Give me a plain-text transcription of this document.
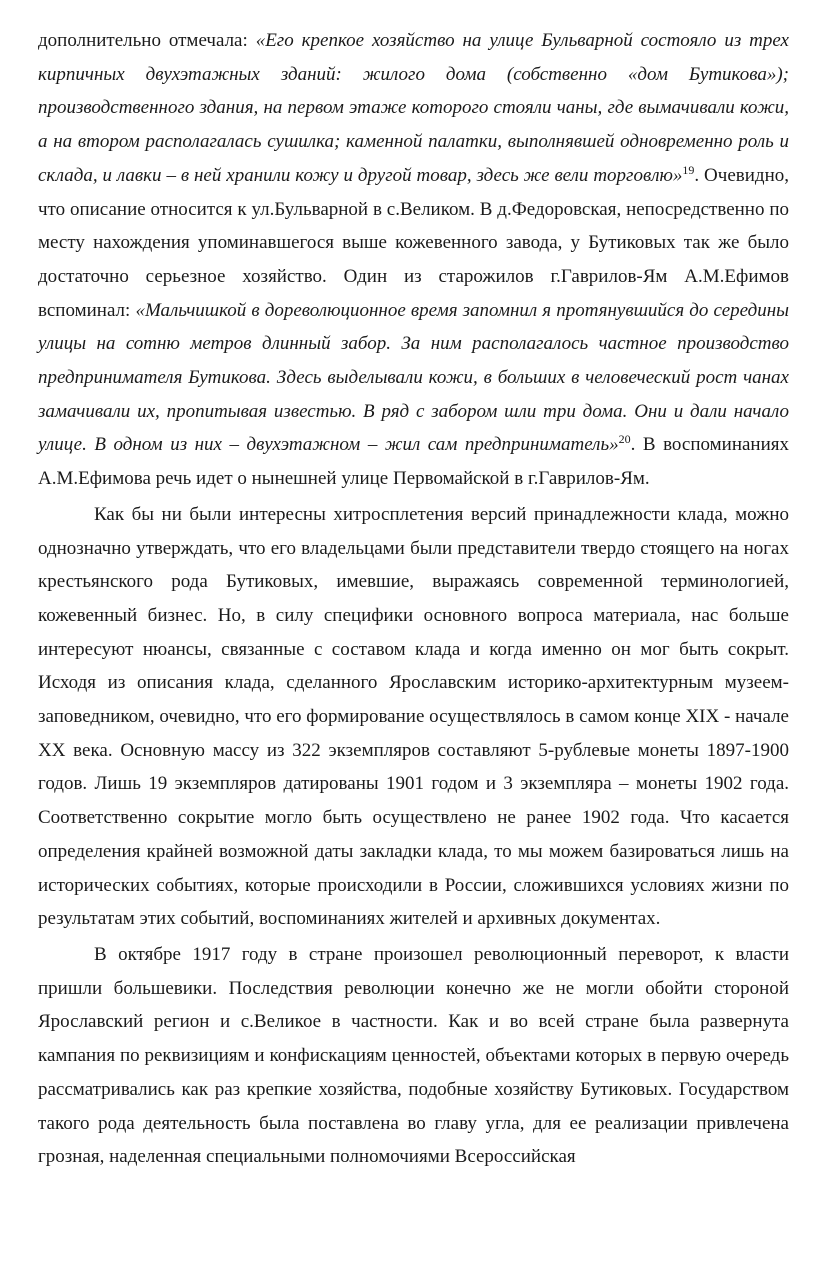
дополнительно отмечала: «Его крепкое хозяйство на улице Бульварной состояло из трех кирпичных двухэтажных зданий: жилого дома (собственно «дом Бутикова»); производственного здания, на первом этаже которого стояли чаны, где вымачивали кожи, а на втором располагалась сушилка; каменной палатки, выполнявшей одновременно роль и склада, и лавки – в ней хранили кожу и другой товар, здесь же вели торговлю»$^{19}$. Очевидно, что описание относится к ул.Бульварной в с.Великом. В д.Федоровская, непосредственно по месту нахождения упоминавшегося выше кожевенного завода, у Бутиковых так же было достаточно серьезное хозяйство. Один из старожилов г.Гаврилов-Ям А.М.Ефимов вспоминал: «Мальчишкой в дореволюционное время запомнил я протянувшийся до середины улицы на сотню метров длинный забор. За ним располагалось частное производство предпринимателя Бутикова. Здесь выделывали кожи, в больших в человеческий рост чанах замачивали их, пропитывая известью. В ряд с забором шли три дома. Они и дали начало улице. В одном из них – двухэтажном – жил сам предприниматель»$^{20}$. В воспоминаниях А.М.Ефимова речь идет о нынешней улице Первомайской в г.Гаврилов-Ям.

Как бы ни были интересны хитросплетения версий принадлежности клада, можно однозначно утверждать, что его владельцами были представители твердо стоящего на ногах крестьянского рода Бутиковых, имевшие, выражаясь современной терминологией, кожевенный бизнес. Но, в силу специфики основного вопроса материала, нас больше интересуют нюансы, связанные с составом клада и когда именно он мог быть сокрыт. Исходя из описания клада, сделанного Ярославским историко-архитектурным музеем-заповедником, очевидно, что его формирование осуществлялось в самом конце XIX - начале XX века. Основную массу из 322 экземпляров составляют 5-рублевые монеты 1897-1900 годов. Лишь 19 экземпляров датированы 1901 годом и 3 экземпляра – монеты 1902 года. Соответственно сокрытие могло быть осуществлено не ранее 1902 года. Что касается определения крайней возможной даты закладки клада, то мы можем базироваться лишь на исторических событиях, которые происходили в России, сложившихся условиях жизни по результатам этих событий, воспоминаниях жителей и архивных документах.

В октябре 1917 году в стране произошел революционный переворот, к власти пришли большевики. Последствия революции конечно же не могли обойти стороной Ярославский регион и с.Великое в частности. Как и во всей стране была развернута кампания по реквизициям и конфискациям ценностей, объектами которых в первую очередь рассматривались как раз крепкие хозяйства, подобные хозяйству Бутиковых. Государством такого рода деятельность была поставлена во главу угла, для ее реализации привлечена грозная, наделенная специальными полномочиями Всероссийская
